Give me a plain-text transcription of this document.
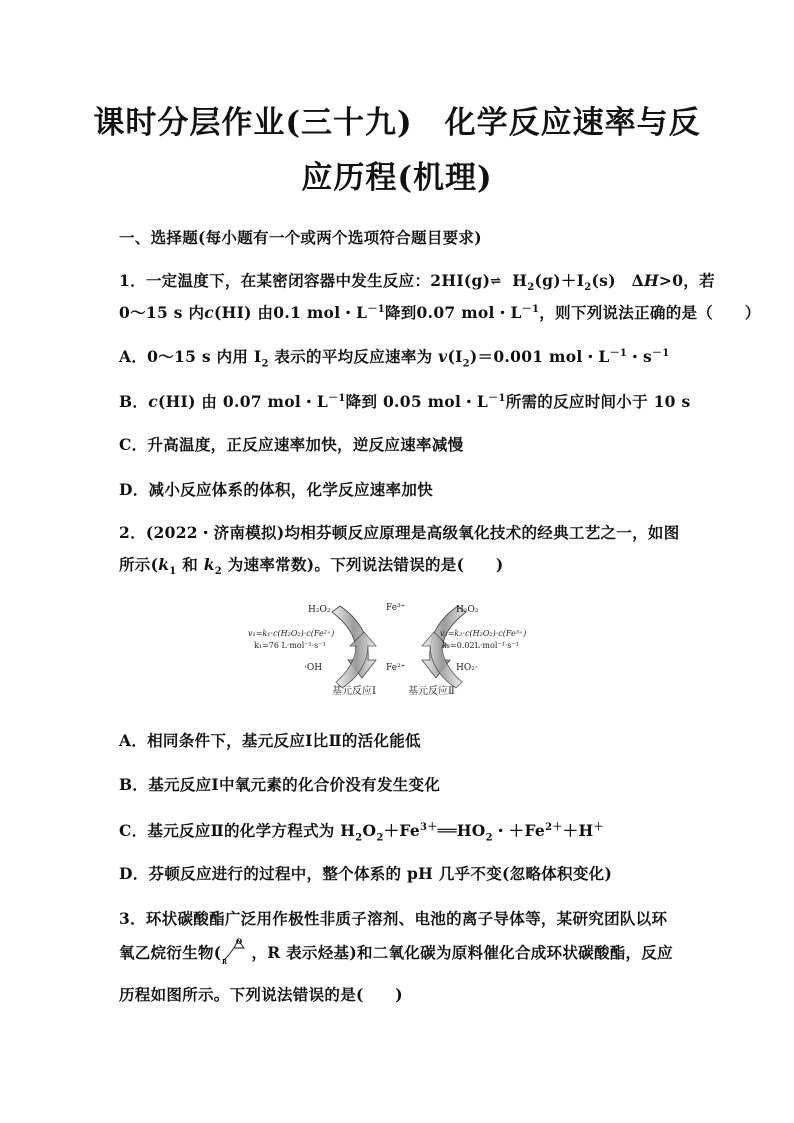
课时分层作业(三十九)　化学反应速率与反
应历程(机理)
一、选择题(每小题有一个或两个选项符合题目要求)
1．一定温度下，在某密闭容器中发生反应：2HI(g)⇌ $H_2(g)+I_2(s)$　ΔH>0，若
0～15 s 内c(HI) 由0.1 mol・$L^{-1}$降到0.07 mol・$L^{-1}$，则下列说法正确的是（　　）
A．0～15 s 内用 $I_2$ 表示的平均反应速率为 $v(I_2)=0.001$ mol・$L^{-1}$・$s^{-1}$
B．c(HI) 由 0.07 mol・$L^{-1}$降到 0.05 mol・$L^{-1}$所需的反应时间小于 10 s
C．升高温度，正反应速率加快，逆反应速率减慢
D．减小反应体系的体积，化学反应速率加快
2．(2022・济南模拟)均相芬顿反应原理是高级氧化技术的经典工艺之一，如图
所示($k_1$ 和 $k_2$ 为速率常数)。下列说法错误的是(　　)
H₂O₂	Fe³⁺	H₂O₂
v₁=k₁·c(H₂O₂)·c(Fe²⁺)
k₁=76 L·mol⁻¹·s⁻¹
v₂=k₂·c(H₂O₂)·c(Fe³⁺)
k₂=0.02L·mol⁻¹·s⁻¹
·OH	Fe²⁺	HO₂·
基元反应Ⅰ	基元反应Ⅱ
A．相同条件下，基元反应Ⅰ比Ⅱ的活化能低
B．基元反应Ⅰ中氧元素的化合价没有发生变化
C．基元反应Ⅱ的化学方程式为 $H_2O_2+Fe^{3+}══HO_2$・$+Fe^{2+}+H^+$
D．芬顿反应进行的过程中，整个体系的 pH 几乎不变(忽略体积变化)
3．环状碳酸酯广泛用作极性非质子溶剂、电池的离子导体等，某研究团队以环
氧乙烷衍生物(
O
R
，R 表示烃基)和二氧化碳为原料催化合成环状碳酸酯，反应
历程如图所示。下列说法错误的是(　　)
